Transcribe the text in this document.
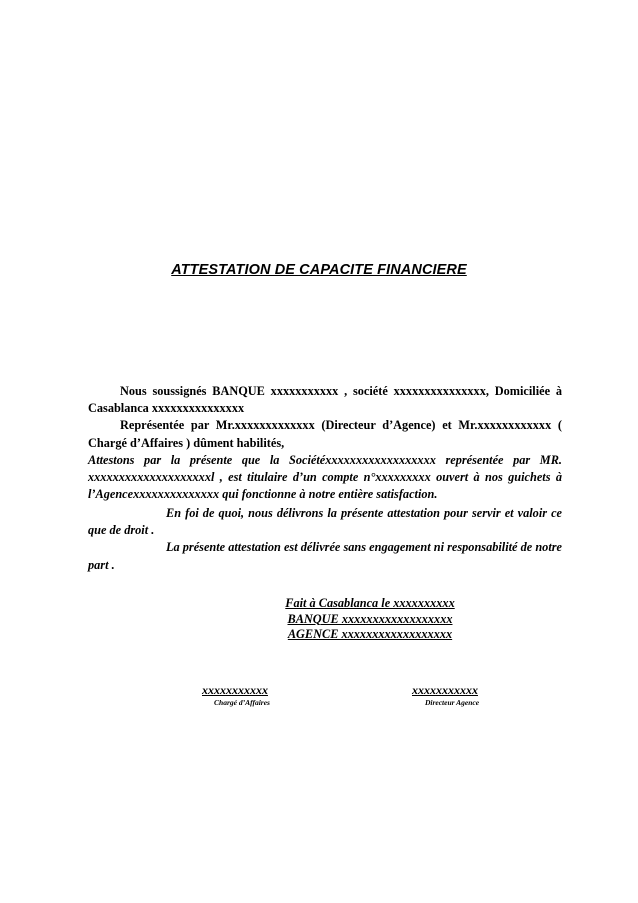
ATTESTATION DE CAPACITE FINANCIERE

Nous soussignés BANQUE xxxxxxxxxxx , société xxxxxxxxxxxxxxx, Domiciliée à Casablanca xxxxxxxxxxxxxxx

Représentée par Mr.xxxxxxxxxxxxx (Directeur d’Agence) et Mr.xxxxxxxxxxxx ( Chargé d’Affaires ) dûment habilités,

Attestons par la présente que la Sociétéxxxxxxxxxxxxxxxxxx représentée par MR. xxxxxxxxxxxxxxxxxxxxl , est titulaire d’un compte n°xxxxxxxxx ouvert à nos guichets à l’Agencexxxxxxxxxxxxxx qui fonctionne à notre entière satisfaction.

En foi de quoi, nous délivrons la présente attestation pour servir et valoir ce que de droit .

La présente attestation est délivrée sans engagement ni responsabilité de notre part .

Fait à Casablanca le xxxxxxxxxx
BANQUE xxxxxxxxxxxxxxxxxx
AGENCE xxxxxxxxxxxxxxxxxx
xxxxxxxxxxx
Chargé d’Affaires
xxxxxxxxxxx
Directeur Agence
